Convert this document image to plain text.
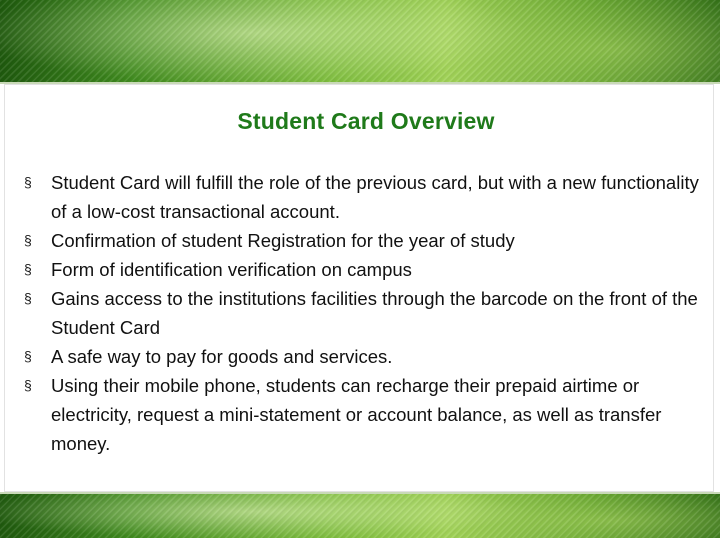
Student Card Overview
§ Student Card will fulfill the role of the previous card, but with a new functionality of a low-cost transactional account.
§ Confirmation of student Registration for the year of study
§ Form of identification verification on campus
§ Gains access to the institutions facilities through the barcode on the front of the Student Card
§ A safe way to pay for goods and services.
§ Using their mobile phone, students can recharge their prepaid airtime or electricity, request a mini-statement or account balance, as well as transfer money.
